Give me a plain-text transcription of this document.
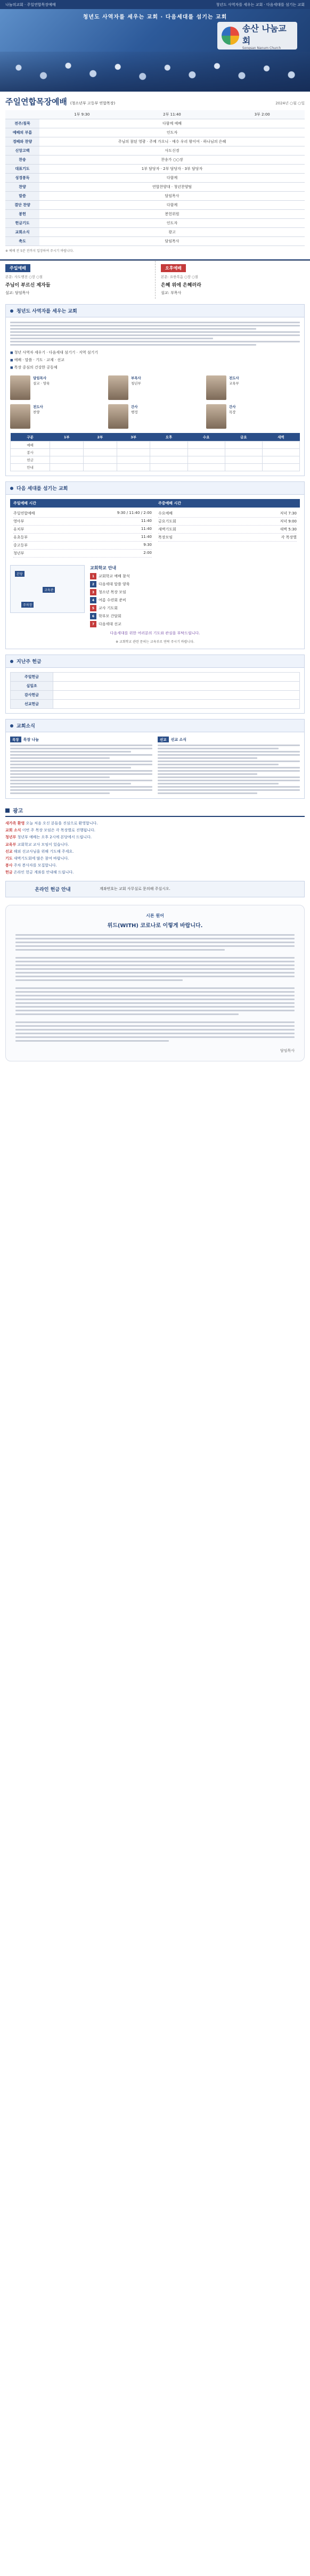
나눔의교회 · 주일연합목장예배	청년도 사역자를 세우는 교회 · 다음세대를 섬기는 교회
청년도 사역자를 세우는 교회 · 다음세대를 섬기는 교회
송산 나눔교회
Songsan Nanum Church
주일연합목장예배 (청소년부 고등부 연합목장)	2024년 ○월 ○일
	1부 9:30	2부 11:40	3부 2:00
전주/침묵	다함께 예배		
예배의 부름	인도자		
경배와 찬양	주님의 참된 영광 · 주께 가오니 · 예수 우리 왕이여 · 하나님의 은혜		
신앙고백	사도신경		
찬송	찬송가 ○○장		
대표기도	1부 담당자 · 2부 담당자 · 3부 담당자		
성경봉독	다함께		
찬양	연합찬양대 · 청년찬양팀		
말씀	담임목사		
결단 찬양	다함께		
봉헌	봉헌위원		
헌금기도	인도자		
교회소식	광고		
축도	담임목사		
※ 예배 전 5분 전까지 입장하여 주시기 바랍니다.
주일예배
본문: 사도행전 ○장 ○절
주님이 부르신 제자들
설교: 담임목사
오후예배
본문: 요한복음 ○장 ○절
은혜 위에 은혜러라
설교: 부목사
청년도 사역자를 세우는 교회
■ 청년 사역자 세우기 · 다음세대 섬기기 · 지역 섬기기
■ 예배 · 말씀 · 기도 · 교제 · 선교
■ 목장 중심의 건강한 공동체
담임목사
설교 · 양육
부목사
청년부
전도사
교육부
전도사
찬양
간사
행정
간사
목장
구분	1부	2부	3부	오후	수요	금요	새벽
예배							
봉사							
헌금							
안내							
다음 세대를 섬기는 교회
주일예배 시간
주일연합예배	9:30 / 11:40 / 2:00
영아부	11:40
유치부	11:40
유초등부	11:40
중고등부	9:30
청년부	2:00
주중예배 시간
수요예배	저녁 7:30
금요기도회	저녁 9:00
새벽기도회	새벽 5:30
목장모임	각 목장별
본당
교육관
주차장
교회학교 안내
1	교회학교 예배 참석
2	다음세대 말씀 양육
3	청소년 목장 모임
4	여름 수련회 준비
5	교사 기도회
6	학부모 간담회
7	다음세대 선교
다음세대를 위한 여러분의 기도와 관심을 부탁드립니다.
※ 교회학교 관련 문의는 교육부로 연락 주시기 바랍니다.
지난주 헌금
주일헌금	
십일조	
감사헌금	
선교헌금	
교회소식
목장	목장 나눔	선교	선교 소식
광고
새가족 환영 오늘 처음 오신 분들을 진심으로 환영합니다.
교회 소식 이번 주 목장 모임은 각 목장별로 진행됩니다.
청년부 청년부 예배는 오후 2시에 본당에서 드립니다.
교육부 교회학교 교사 모임이 있습니다.
선교 해외 선교사님을 위해 기도해 주세요.
기도 새벽기도회에 많은 참여 바랍니다.
봉사 주차 봉사자를 모집합니다.
헌금 온라인 헌금 계좌를 안내해 드립니다.
온라인 헌금 안내	계좌번호는 교회 사무실로 문의해 주십시오.
시론 원어
위드(WITH) 코로나로 이렇게 바랍니다.
담임목사
